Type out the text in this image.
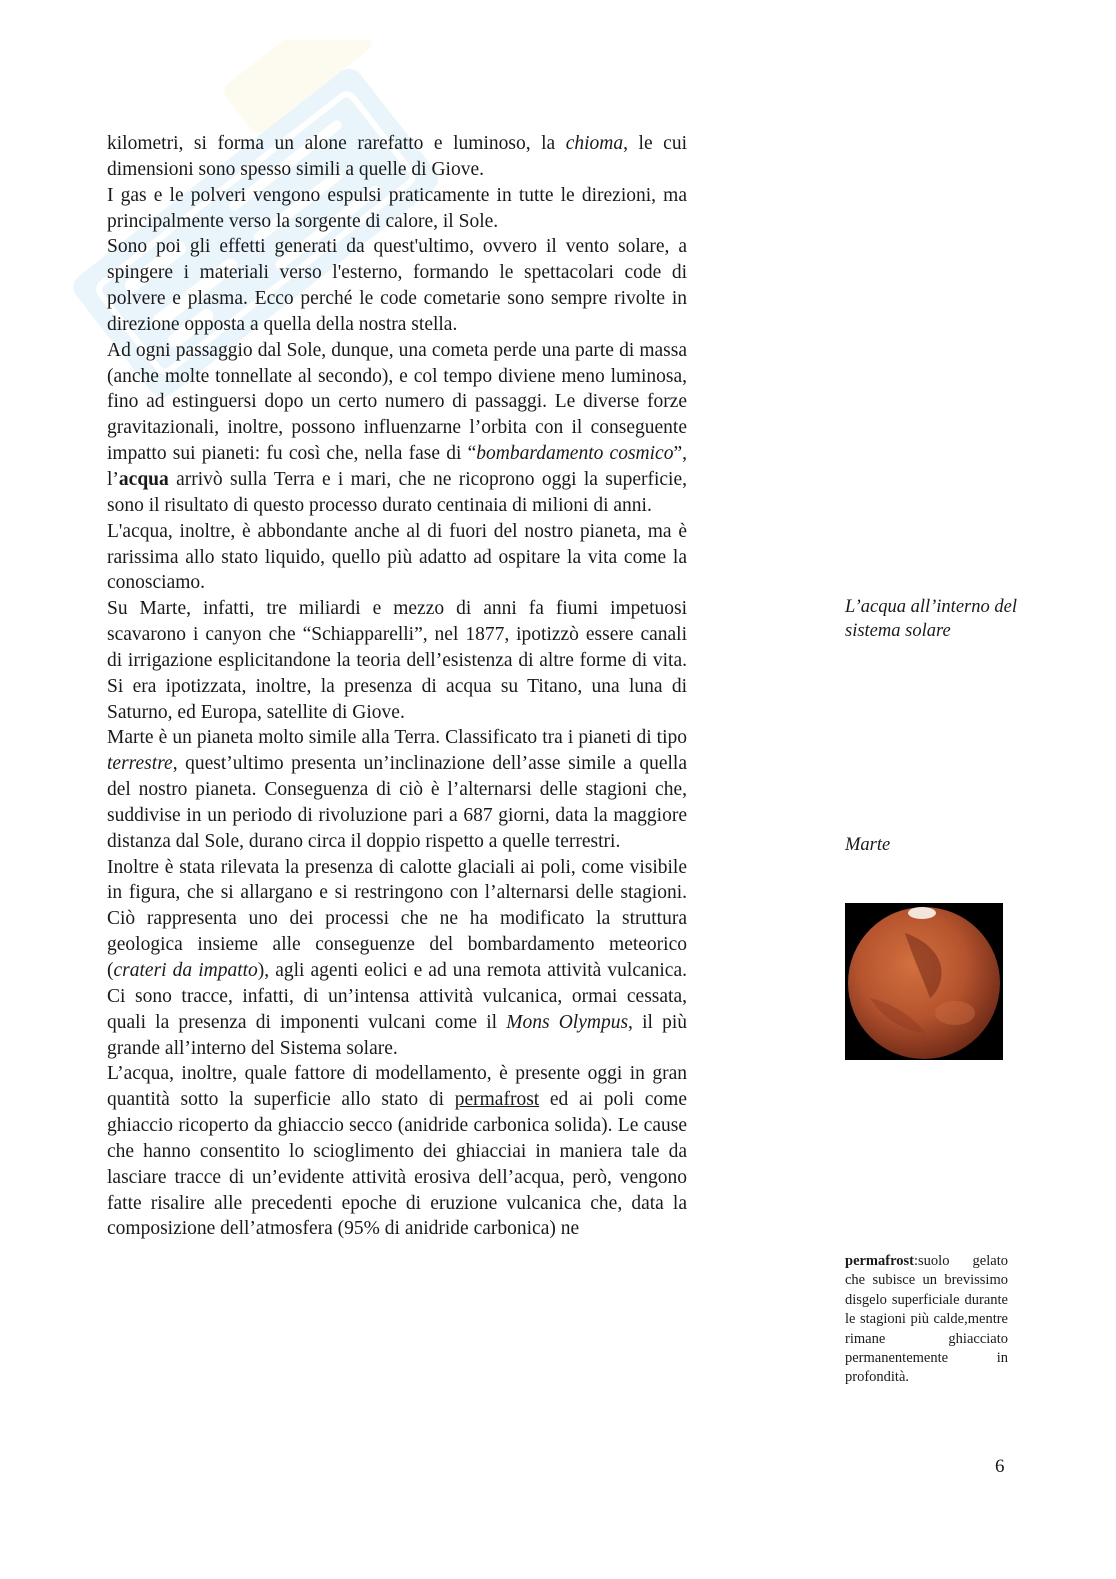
kilometri, si forma un alone rarefatto e luminoso, la chioma, le cui dimensioni sono spesso simili a quelle di Giove.

I gas e le polveri vengono espulsi praticamente in tutte le direzioni, ma principalmente verso la sorgente di calore, il Sole.

Sono poi gli effetti generati da quest'ultimo, ovvero il vento solare, a spingere i materiali verso l'esterno, formando le spettacolari code di polvere e plasma. Ecco perché le code cometarie sono sempre rivolte in direzione opposta a quella della nostra stella.

Ad ogni passaggio dal Sole, dunque, una cometa perde una parte di massa (anche molte tonnellate al secondo), e col tempo diviene meno luminosa, fino ad estinguersi dopo un certo numero di passaggi. Le diverse forze gravitazionali, inoltre, possono influenzarne l’orbita con il conseguente impatto sui pianeti: fu così che, nella fase di “bombardamento cosmico”, l’acqua arrivò sulla Terra e i mari, che ne ricoprono oggi la superficie, sono il risultato di questo processo durato centinaia di milioni di anni.

L'acqua, inoltre, è abbondante anche al di fuori del nostro pianeta, ma è rarissima allo stato liquido, quello più adatto ad ospitare la vita come la conosciamo.

Su Marte, infatti, tre miliardi e mezzo di anni fa fiumi impetuosi scavarono i canyon che “Schiapparelli”, nel 1877, ipotizzò essere canali di irrigazione esplicitandone la teoria dell’esistenza di altre forme di vita. Si era ipotizzata, inoltre, la presenza di acqua su Titano, una luna di Saturno, ed Europa, satellite di Giove.

Marte è un pianeta molto simile alla Terra. Classificato tra i pianeti di tipo terrestre, quest’ultimo presenta un’inclinazione dell’asse simile a quella del nostro pianeta. Conseguenza di ciò è l’alternarsi delle stagioni che, suddivise in un periodo di rivoluzione pari a 687 giorni, data la maggiore distanza dal Sole, durano circa il doppio rispetto a quelle terrestri.

Inoltre è stata rilevata la presenza di calotte glaciali ai poli, come visibile in figura, che si allargano e si restringono con l’alternarsi delle stagioni. Ciò rappresenta uno dei processi che ne ha modificato la struttura geologica insieme alle conseguenze del bombardamento meteorico (crateri da impatto), agli agenti eolici e ad una remota attività vulcanica. Ci sono tracce, infatti, di un’intensa attività vulcanica, ormai cessata, quali la presenza di imponenti vulcani come il Mons Olympus, il più grande all’interno del Sistema solare.

L’acqua, inoltre, quale fattore di modellamento, è presente oggi in gran quantità sotto la superficie allo stato di permafrost ed ai poli come ghiaccio ricoperto da ghiaccio secco (anidride carbonica solida). Le cause che hanno consentito lo scioglimento dei ghiacciai in maniera tale da lasciare tracce di un’evidente attività erosiva dell’acqua, però, vengono fatte risalire alle precedenti epoche di eruzione vulcanica che, data la composizione dell’atmosfera (95% di anidride carbonica) ne

L’acqua all’interno del sistema solare
Marte
permafrost:suolo gelato che subisce un brevissimo disgelo superficiale durante le stagioni più calde,mentre rimane ghiacciato permanentemente in profondità.
6
